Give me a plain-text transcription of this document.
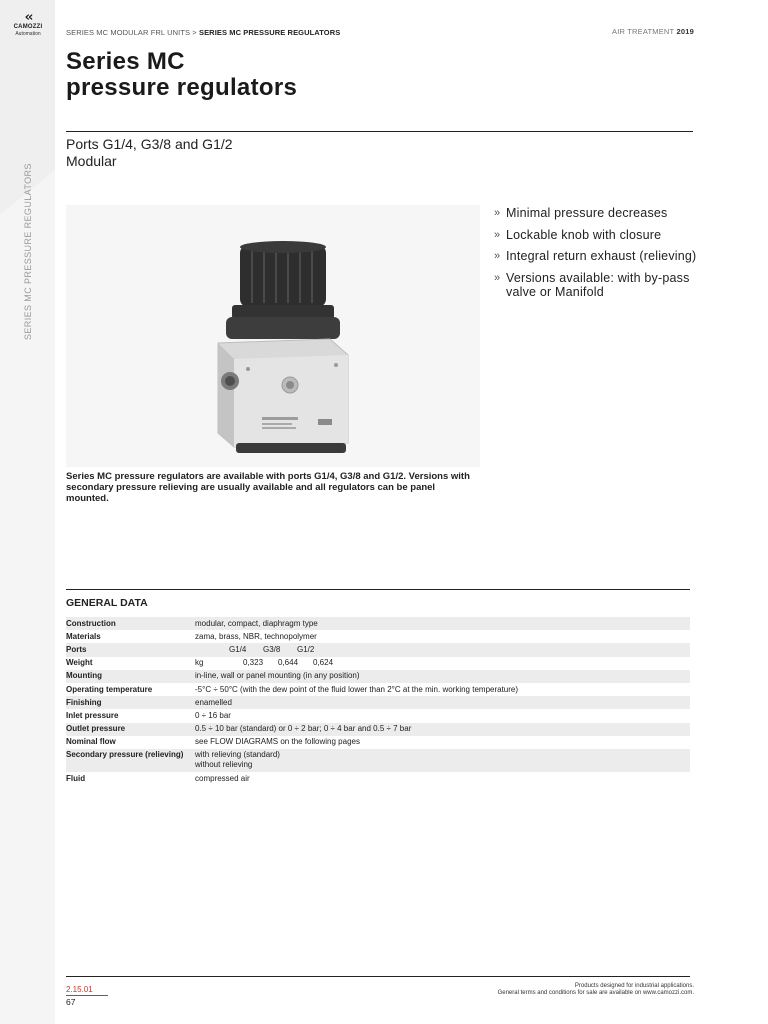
‹‹
CAMOZZI
Automation
SERIES MC PRESSURE REGULATORS
SERIES MC MODULAR FRL UNITS > SERIES MC PRESSURE REGULATORS	AIR TREATMENT 2019
Series MC
pressure regulators
Ports G1/4, G3/8 and G1/2
Modular
» Minimal pressure decreases
» Lockable knob with closure
» Integral return exhaust (relieving)
» Versions available: with by-pass valve or Manifold
Series MC pressure regulators are available with ports G1/4, G3/8 and G1/2. Versions with secondary pressure relieving are usually available and all regulators can be panel mounted.
GENERAL DATA
Construction	modular, compact, diaphragm type
Materials	zama, brass, NBR, technopolymer
Ports	G1/4 G3/8 G1/2

Weight	kg 0,323 0,644 0,624

Mounting	in-line, wall or panel mounting (in any position)
Operating temperature	-5°C ÷ 50°C (with the dew point of the fluid lower than 2°C at the min. working temperature)
Finishing	enamelled
Inlet pressure	0 ÷ 16 bar
Outlet pressure	0.5 ÷ 10 bar (standard) or 0 ÷ 2 bar; 0 ÷ 4 bar and 0.5 ÷ 7 bar
Nominal flow	see FLOW DIAGRAMS on the following pages
Secondary pressure (relieving)	with relieving (standard)
without relieving

Fluid	compressed air
2.15.01
67
Products designed for industrial applications.
General terms and conditions for sale are available on www.camozzi.com.
